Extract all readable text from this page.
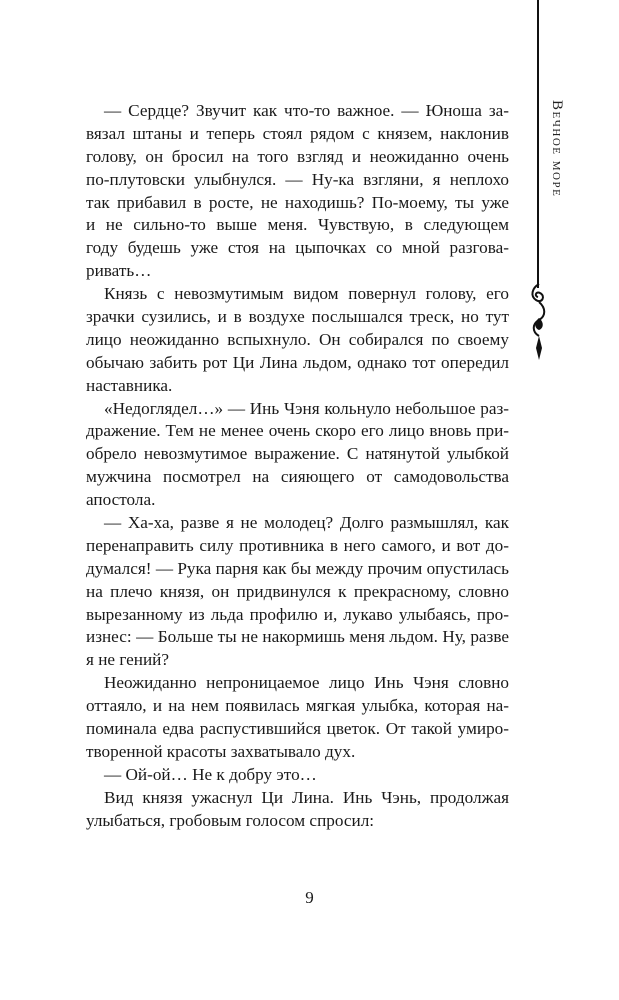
Вечное море
— Сердце? Звучит как что-то важное. — Юноша за-
вязал штаны и теперь стоял рядом с князем, наклонив
голову, он бросил на того взгляд и неожиданно очень
по-плутовски улыбнулся. — Ну-ка взгляни, я неплохо
так прибавил в росте, не находишь? По-моему, ты уже
и не сильно-то выше меня. Чувствую, в следующем
году будешь уже стоя на цыпочках со мной разгова-
ривать…
Князь с невозмутимым видом повернул голову, его
зрачки сузились, и в воздухе послышался треск, но тут
лицо неожиданно вспыхнуло. Он собирался по своему
обычаю забить рот Ци Лина льдом, однако тот опередил
наставника.
«Недоглядел…» — Инь Чэня кольнуло небольшое раз-
дражение. Тем не менее очень скоро его лицо вновь при-
обрело невозмутимое выражение. С натянутой улыбкой
мужчина посмотрел на сияющего от самодовольства
апостола.
— Ха-ха, разве я не молодец? Долго размышлял, как
перенаправить силу противника в него самого, и вот до-
думался! — Рука парня как бы между прочим опустилась
на плечо князя, он придвинулся к прекрасному, словно
вырезанному из льда профилю и, лукаво улыбаясь, про-
изнес: — Больше ты не накормишь меня льдом. Ну, разве
я не гений?
Неожиданно непроницаемое лицо Инь Чэня словно
оттаяло, и на нем появилась мягкая улыбка, которая на-
поминала едва распустившийся цветок. От такой умиро-
творенной красоты захватывало дух.
— Ой-ой… Не к добру это…
Вид князя ужаснул Ци Лина. Инь Чэнь, продолжая
улыбаться, гробовым голосом спросил:
9
